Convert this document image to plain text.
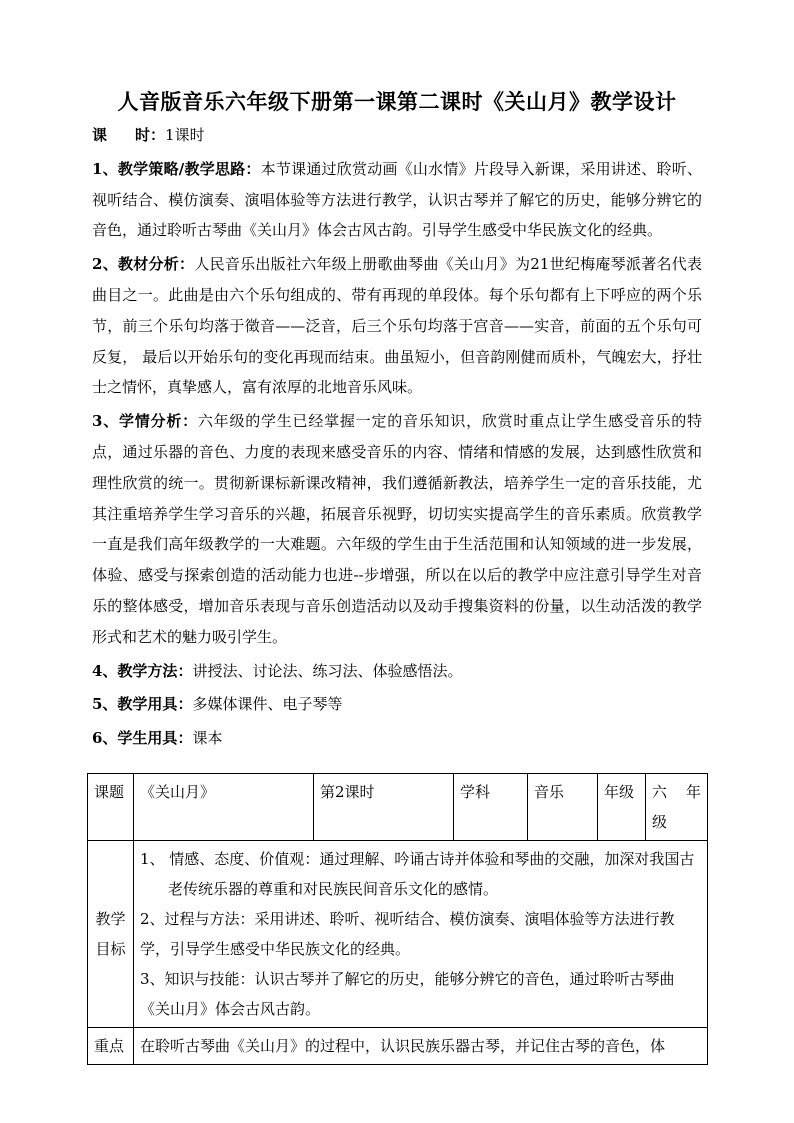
人音版音乐六年级下册第一课第二课时《关山月》教学设计

课 时：1课时

1、教学策略/教学思路：本节课通过欣赏动画《山水情》片段导入新课，采用讲述、聆听、视听结合、模仿演奏、演唱体验等方法进行教学，认识古琴并了解它的历史，能够分辨它的音色，通过聆听古琴曲《关山月》体会古风古韵。引导学生感受中华民族文化的经典。

2、教材分析：人民音乐出版社六年级上册歌曲琴曲《关山月》为21世纪梅庵琴派著名代表曲目之一。此曲是由六个乐句组成的、带有再现的单段体。每个乐句都有上下呼应的两个乐节，前三个乐句均落于徵音——泛音，后三个乐句均落于宫音——实音，前面的五个乐句可反复， 最后以开始乐句的变化再现而结束。曲虽短小，但音韵刚健而质朴，气魄宏大，抒壮士之情怀，真挚感人，富有浓厚的北地音乐风味。

3、学情分析：六年级的学生已经掌握一定的音乐知识，欣赏时重点让学生感受音乐的特点，通过乐器的音色、力度的表现来感受音乐的内容、情绪和情感的发展，达到感性欣赏和理性欣赏的统一。贯彻新课标新课改精神，我们遵循新教法，培养学生一定的音乐技能，尤其注重培养学生学习音乐的兴趣，拓展音乐视野，切切实实提高学生的音乐素质。欣赏教学一直是我们高年级教学的一大难题。六年级的学生由于生活范围和认知领域的进一步发展，体验、感受与探索创造的活动能力也进--步增强，所以在以后的教学中应注意引导学生对音乐的整体感受，增加音乐表现与音乐创造活动以及动手搜集资料的份量，以生动活泼的教学形式和艺术的魅力吸引学生。

4、教学方法：讲授法、讨论法、练习法、体验感悟法。

5、教学用具：多媒体课件、电子琴等

6、学生用具：课本

课题	《关山月》	第2课时	学科	音乐	年级	六 年 级
教学目标	1、 情感、态度、价值观：通过理解、吟诵古诗并体验和琴曲的交融，加深对我国古老传统乐器的尊重和对民族民间音乐文化的感情。

2、过程与方法：采用讲述、聆听、视听结合、模仿演奏、演唱体验等方法进行教学，引导学生感受中华民族文化的经典。

3、知识与技能：认识古琴并了解它的历史，能够分辨它的音色，通过聆听古琴曲《关山月》体会古风古韵。					

重点	在聆听古琴曲《关山月》的过程中，认识民族乐器古琴，并记住古琴的音色，体					
